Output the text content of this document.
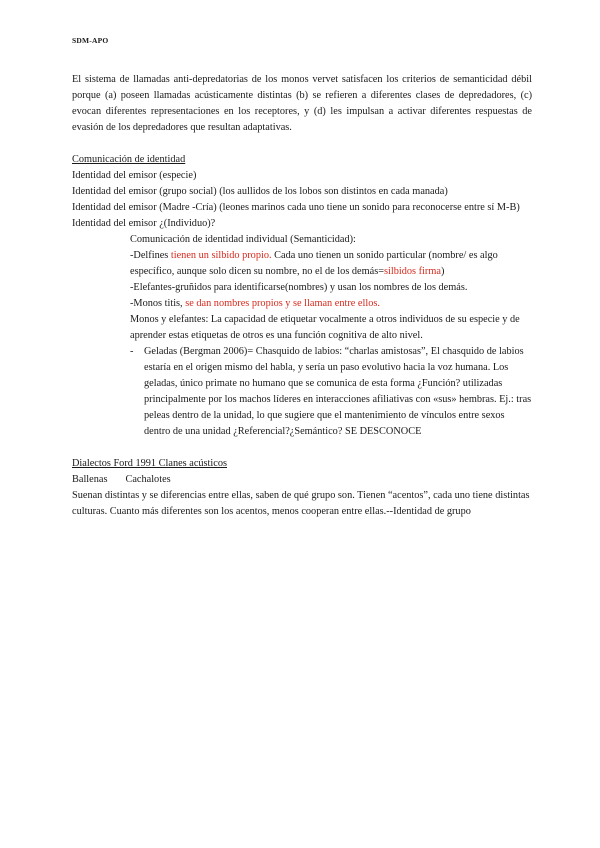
SDM-APO

El sistema de llamadas anti-depredatorias de los monos vervet satisfacen los criterios de semanticidad débil porque (a) poseen llamadas acústicamente distintas (b) se refieren a diferentes clases de depredadores, (c) evocan diferentes representaciones en los receptores, y (d) les impulsan a activar diferentes respuestas de evasión de los depredadores que resultan adaptativas.

Comunicación de identidad

Identidad del emisor (especie)

Identidad del emisor (grupo social) (los aullidos de los lobos son distintos en cada manada)

Identidad del emisor (Madre -Cría) (leones marinos cada uno tiene un sonido para reconocerse entre sí M-B)

Identidad del emisor ¿(Individuo)?

Comunicación de identidad individual (Semanticidad):

-Delfines tienen un silbido propio. Cada uno tienen un sonido particular (nombre/ es algo específico, aunque solo dicen su nombre, no el de los demás=silbidos firma)

-Elefantes-gruñidos para identificarse(nombres) y usan los nombres de los demás.

-Monos titis, se dan nombres propios y se llaman entre ellos.

Monos y elefantes: La capacidad de etiquetar vocalmente a otros individuos de su especie y de aprender estas etiquetas de otros es una función cognitiva de alto nivel.

-	Geladas (Bergman 2006)= Chasquido de labios: “charlas amistosas”, El chasquido de labios estaría en el origen mismo del habla, y sería un paso evolutivo hacia la voz humana. Los geladas, único primate no humano que se comunica de esta forma ¿Función? utilizadas principalmente por los machos líderes en interacciones afiliativas con «sus» hembras. Ej.: tras peleas dentro de la unidad, lo que sugiere que el mantenimiento de vínculos entre sexos dentro de una unidad ¿Referencial?¿Semántico? SE DESCONOCE

Dialectos Ford 1991 Clanes acústicos

Ballenas Cachalotes

Suenan distintas y se diferencias entre ellas, saben de qué grupo son. Tienen “acentos”, cada uno tiene distintas culturas. Cuanto más diferentes son los acentos, menos cooperan entre ellas.--Identidad de grupo
